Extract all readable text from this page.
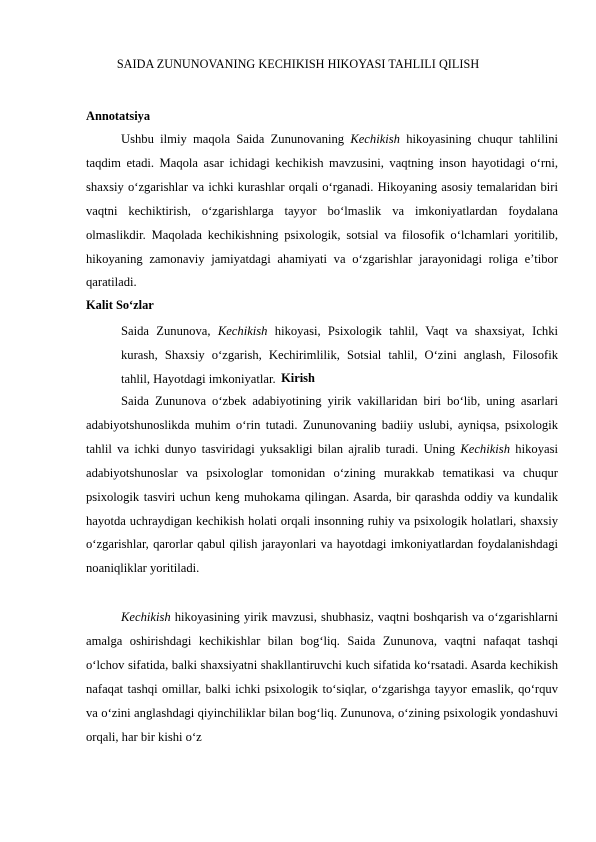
SAIDA ZUNUNOVANING KECHIKISH HIKOYASI TAHLILI QILISH
Annotatsiya

Ushbu ilmiy maqola Saida Zununovaning Kechikish hikoyasining chuqur tahlilini taqdim etadi. Maqola asar ichidagi kechikish mavzusini, vaqtning inson hayotidagi o‘rni, shaxsiy o‘zgarishlar va ichki kurashlar orqali o‘rganadi. Hikoyaning asosiy temalaridan biri vaqtni kechiktirish, o‘zgarishlarga tayyor bo‘lmaslik va imkoniyatlardan foydalana olmaslikdir. Maqolada kechikishning psixologik, sotsial va filosofik o‘lchamlari yoritilib, hikoyaning zamonaviy jamiyatdagi ahamiyati va o‘zgarishlar jarayonidagi roliga e’tibor qaratiladi.

Kalit So‘zlar

Saida Zununova, Kechikish hikoyasi, Psixologik tahlil, Vaqt va shaxsiyat, Ichki kurash, Shaxsiy o‘zgarish, Kechirimlilik, Sotsial tahlil, O‘zini anglash, Filosofik tahlil, Hayotdagi imkoniyatlar. Kirish

Saida Zununova o‘zbek adabiyotining yirik vakillaridan biri bo‘lib, uning asarlari adabiyotshunoslikda muhim o‘rin tutadi. Zununovaning badiiy uslubi, ayniqsa, psixologik tahlil va ichki dunyo tasviridagi yuksakligi bilan ajralib turadi. Uning Kechikish hikoyasi adabiyotshunoslar va psixologlar tomonidan o‘zining murakkab tematikasi va chuqur psixologik tasviri uchun keng muhokama qilingan. Asarda, bir qarashda oddiy va kundalik hayotda uchraydigan kechikish holati orqali insonning ruhiy va psixologik holatlari, shaxsiy o‘zgarishlar, qarorlar qabul qilish jarayonlari va hayotdagi imkoniyatlardan foydalanishdagi noaniqliklar yoritiladi.

Kechikish hikoyasining yirik mavzusi, shubhasiz, vaqtni boshqarish va o‘zgarishlarni amalga oshirishdagi kechikishlar bilan bog‘liq. Saida Zununova, vaqtni nafaqat tashqi o‘lchov sifatida, balki shaxsiyatni shakllantiruvchi kuch sifatida ko‘rsatadi. Asarda kechikish nafaqat tashqi omillar, balki ichki psixologik to‘siqlar, o‘zgarishga tayyor emaslik, qo‘rquv va o‘zini anglashdagi qiyinchiliklar bilan bog‘liq. Zununova, o‘zining psixologik yondashuvi orqali, har bir kishi o‘z
